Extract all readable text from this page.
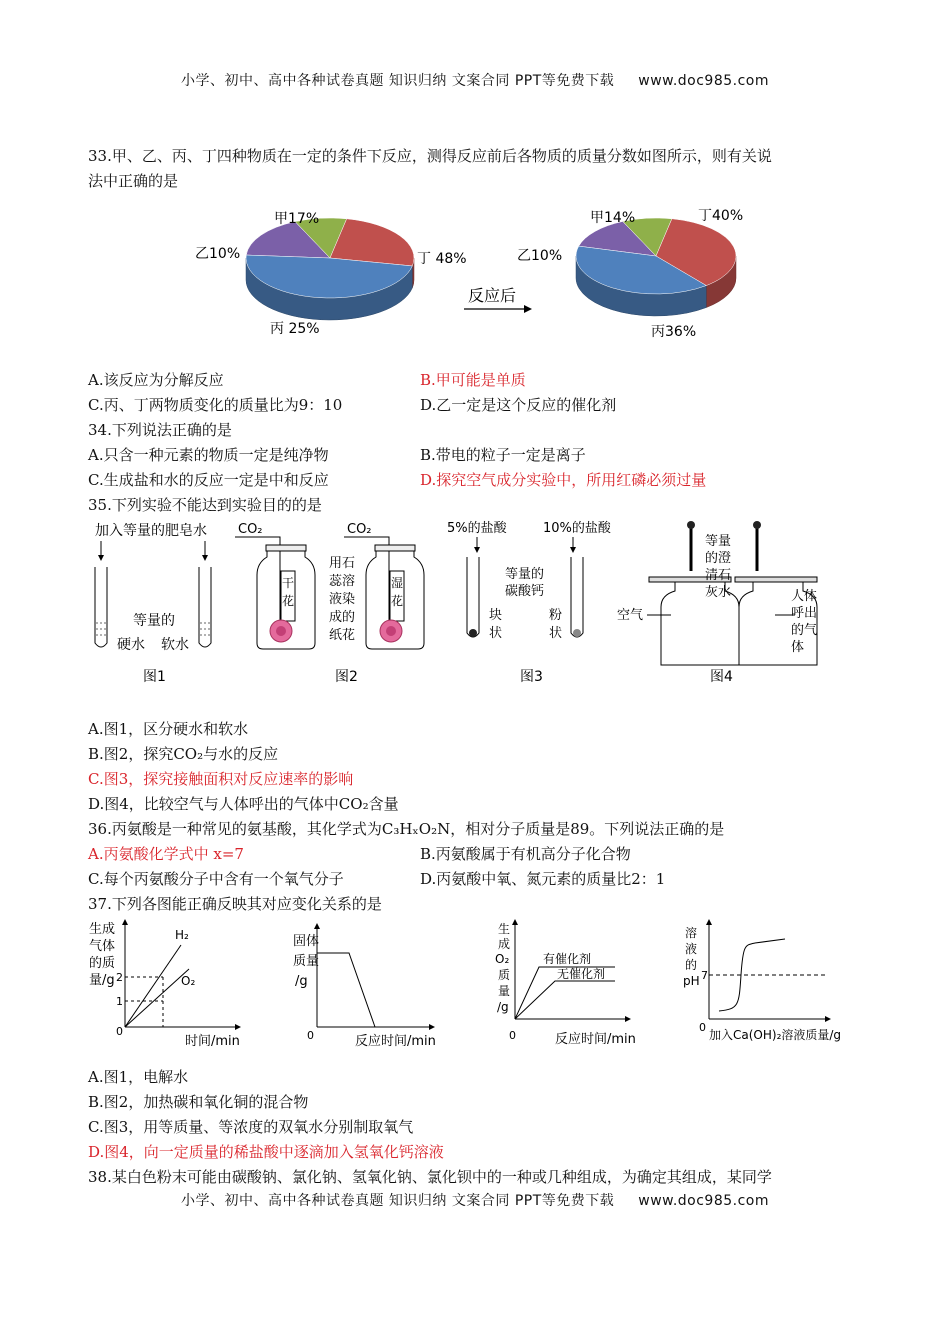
小学、初中、高中各种试卷真题 知识归纳 文案合同 PPT等免费下载 www.doc985.com
33.甲、乙、丙、丁四种物质在一定的条件下反应，测得反应前后各物质的质量分数如图所示，则有关说
法中正确的是
甲17%
乙10%
丙 25%
丁 48%
反应后
甲14%
乙10%
丙36%
丁40%
A.该反应为分解反应	B.甲可能是单质
C.丙、丁两物质变化的质量比为9：10	D.乙一定是这个反应的催化剂
34.下列说法正确的是
A.只含一种元素的物质一定是纯净物	B.带电的粒子一定是离子
C.生成盐和水的反应一定是中和反应	D.探究空气成分实验中，所用红磷必须过量
35.下列实验不能达到实验目的的是
加入等量的肥皂水
等量的
硬水 软水
图1
CO₂	CO₂
干
花
湿
花
用石
蕊溶
液染
成的
纸花
图2
5%的盐酸	10%的盐酸
等量的
碳酸钙
块
状
粉
状
图3
等量
的澄
清石
灰水
空气
人体
呼出
的气
体
图4
A.图1，区分硬水和软水
B.图2，探究CO₂与水的反应
C.图3，探究接触面积对反应速率的影响
D.图4，比较空气与人体呼出的气体中CO₂含量
36.丙氨酸是一种常见的氨基酸，其化学式为C₃HₓO₂N，相对分子质量是89。下列说法正确的是
A.丙氨酸化学式中 x=7	B.丙氨酸属于有机高分子化合物
C.每个丙氨酸分子中含有一个氧气分子	D.丙氨酸中氧、氮元素的质量比2：1
37.下列各图能正确反映其对应变化关系的是
生成
气体
的质
量/g
H₂
O₂
2
1
0
时间/min
固体
质量
/g
0	反应时间/min
生
成
O₂
质
量
/g
有催化剂
无催化剂
0	反应时间/min
溶
液
的
pH 7
0
加入Ca(OH)₂溶液质量/g
A.图1，电解水
B.图2，加热碳和氧化铜的混合物
C.图3，用等质量、等浓度的双氧水分别制取氧气
D.图4，向一定质量的稀盐酸中逐滴加入氢氧化钙溶液
38.某白色粉末可能由碳酸钠、氯化钠、氢氧化钠、氯化钡中的一种或几种组成，为确定其组成，某同学
小学、初中、高中各种试卷真题 知识归纳 文案合同 PPT等免费下载 www.doc985.com
